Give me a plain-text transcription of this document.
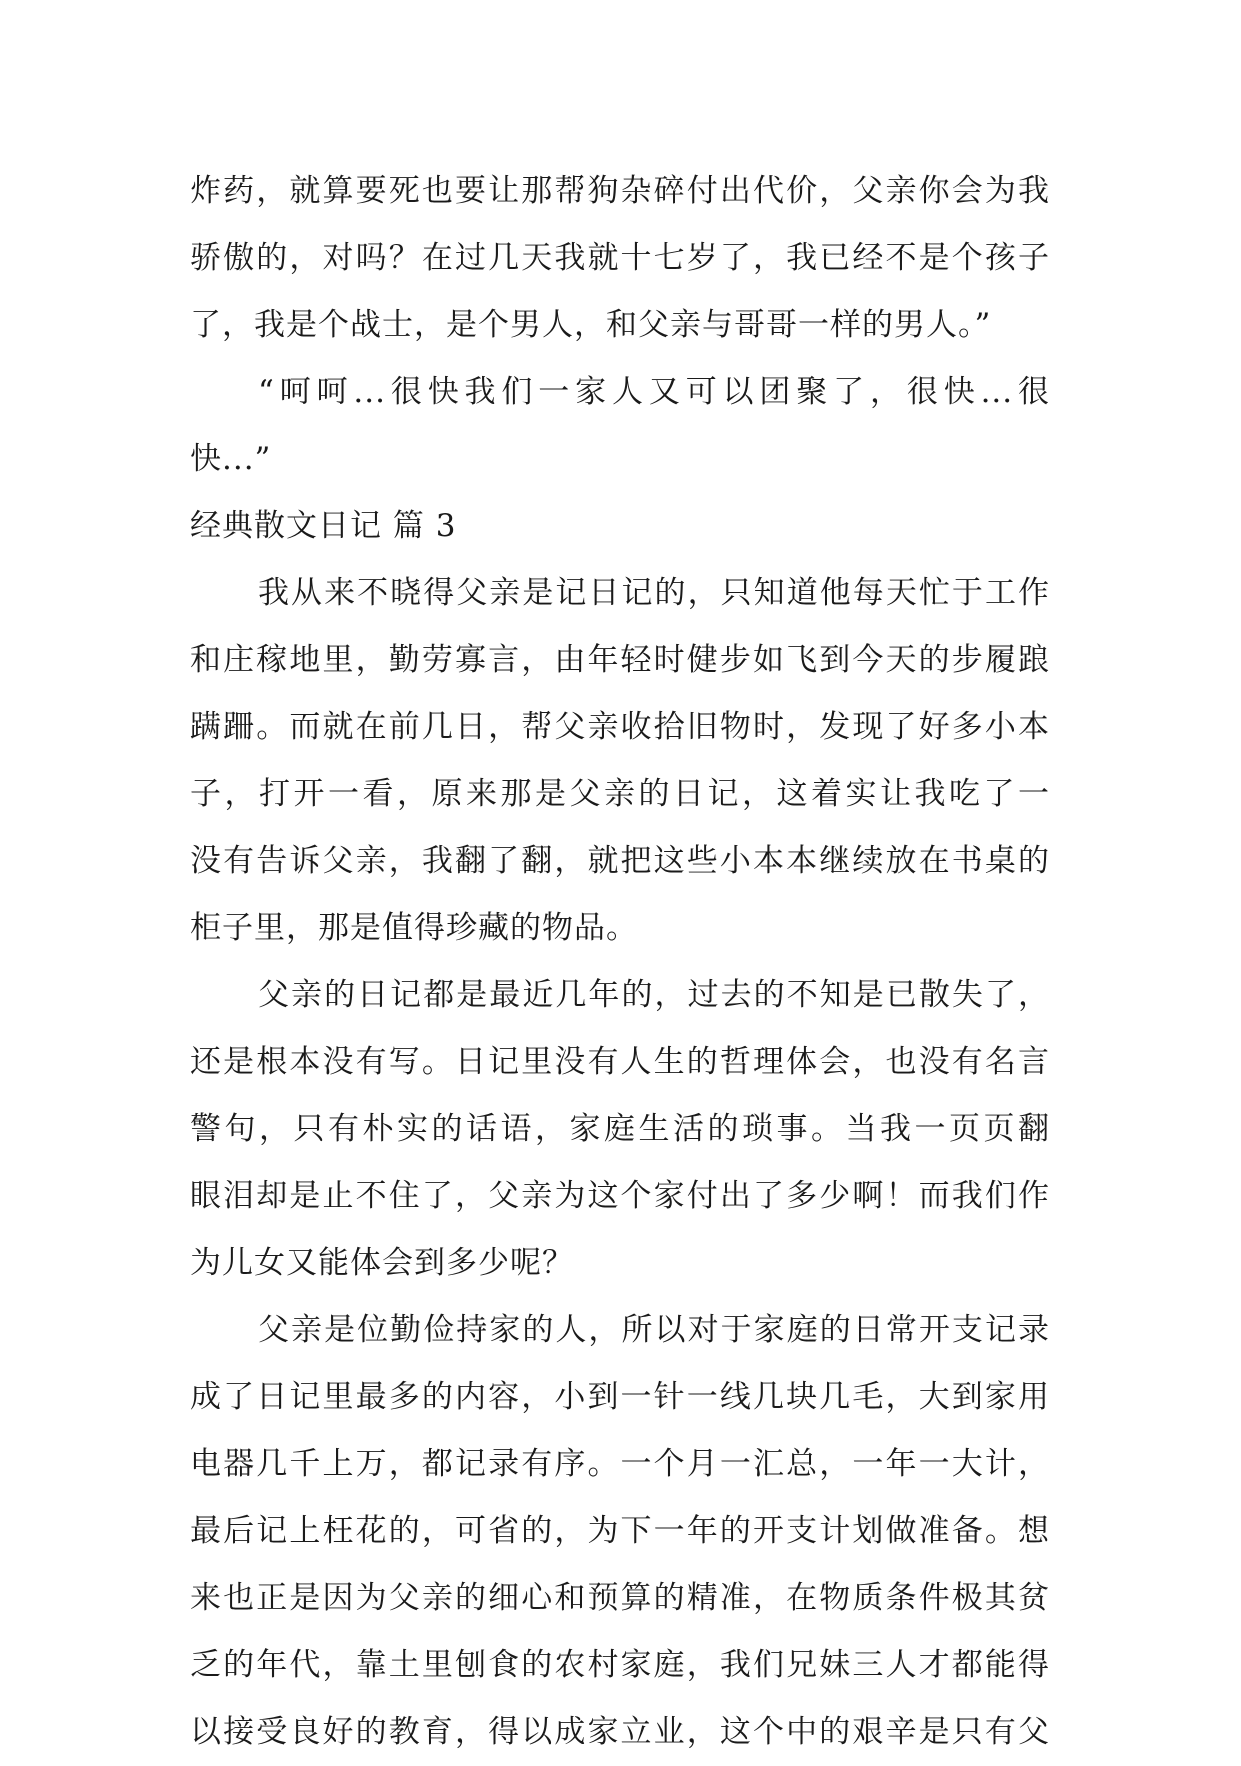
炸药，就算要死也要让那帮狗杂碎付出代价，父亲你会为我
骄傲的，对吗？在过几天我就十七岁了，我已经不是个孩子
了，我是个战士，是个男人，和父亲与哥哥一样的男人。”
“呵呵...很快我们一家人又可以团聚了，很快...很
快...”
经典散文日记 篇 3
我从来不晓得父亲是记日记的，只知道他每天忙于工作
和庄稼地里，勤劳寡言，由年轻时健步如飞到今天的步履踉
蹒跚。而就在前几日，帮父亲收拾旧物时，发现了好多小本
子，打开一看，原来那是父亲的日记，这着实让我吃了一
没有告诉父亲，我翻了翻，就把这些小本本继续放在书桌的
柜子里，那是值得珍藏的物品。
父亲的日记都是最近几年的，过去的不知是已散失了，
还是根本没有写。日记里没有人生的哲理体会，也没有名言
警句，只有朴实的话语，家庭生活的琐事。当我一页页翻
眼泪却是止不住了，父亲为这个家付出了多少啊！而我们作
为儿女又能体会到多少呢？
父亲是位勤俭持家的人，所以对于家庭的日常开支记录
成了日记里最多的内容，小到一针一线几块几毛，大到家用
电器几千上万，都记录有序。一个月一汇总，一年一大计，
最后记上枉花的，可省的，为下一年的开支计划做准备。想
来也正是因为父亲的细心和预算的精准，在物质条件极其贫
乏的年代，靠土里刨食的农村家庭，我们兄妹三人才都能得
以接受良好的教育，得以成家立业，这个中的艰辛是只有父
